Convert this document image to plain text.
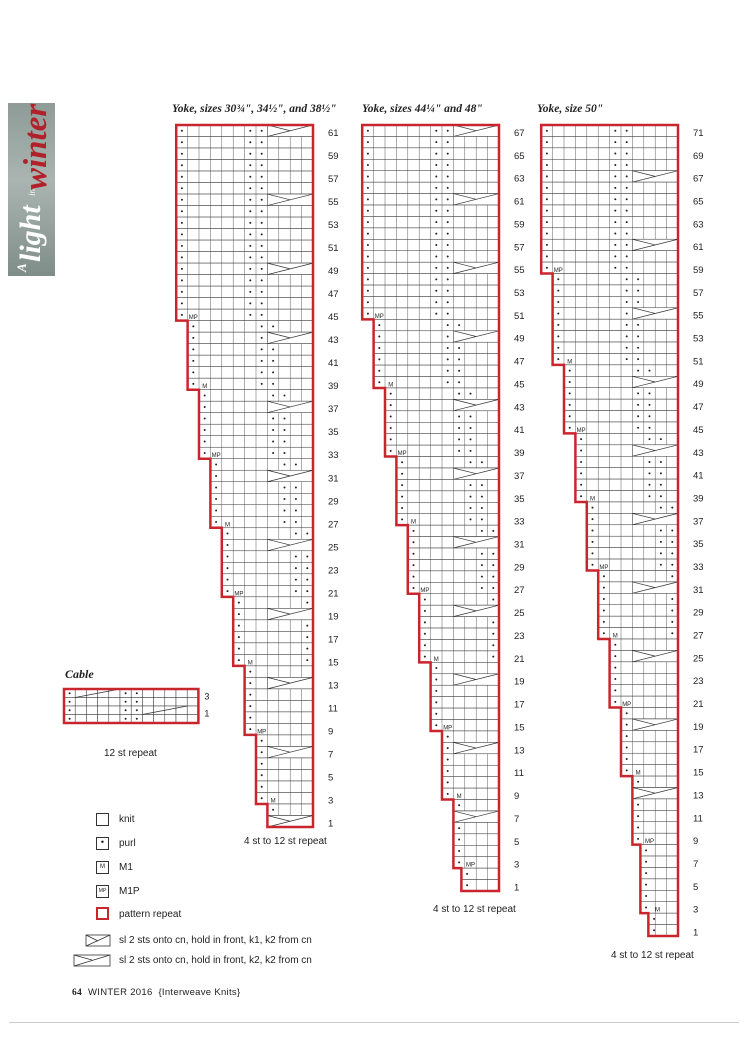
A
light
in
winter	Yoke, sizes 30¾", 34½", and 38½" Yoke, sizes 44¼" and 48"	Yoke, size 50"
MP
M
MP
M
MP
M
MP
M
61
59
57
55
53
51
49
47
45
43
41
39
37
35
33
31
29
27
25
23
21
19
17
15
13
11
9
7
5
3
1
MP
M
MP
M
MP
M
MP
M
MP
67
65
63
61
59
57
55
53
51
49
47
45
43
41
39
37
35
33
31
29
27
25
23
21
19
17
15
13
11
9
7
5
3
1
MP
M
MP
M
MP
M
MP
M
MP
M
71
69
67
65
63
61
59
57
55
53
51
49
47
45
43
41
39
37
35
33
31
29
27
25
23
21
19
17
15
13
11
9
7
5
3
1
3
1
4 st to 12 st repeat
4 st to 12 st repeat
4 st to 12 st repeat
Cable
12 st repeat
knit
•	purl
M	M1
MP M1P
pattern repeat
sl 2 sts onto cn, hold in front, k1, k2 from cn
sl 2 sts onto cn, hold in front, k2, k2 from cn
64 WINTER 2016 {Interweave Knits}
